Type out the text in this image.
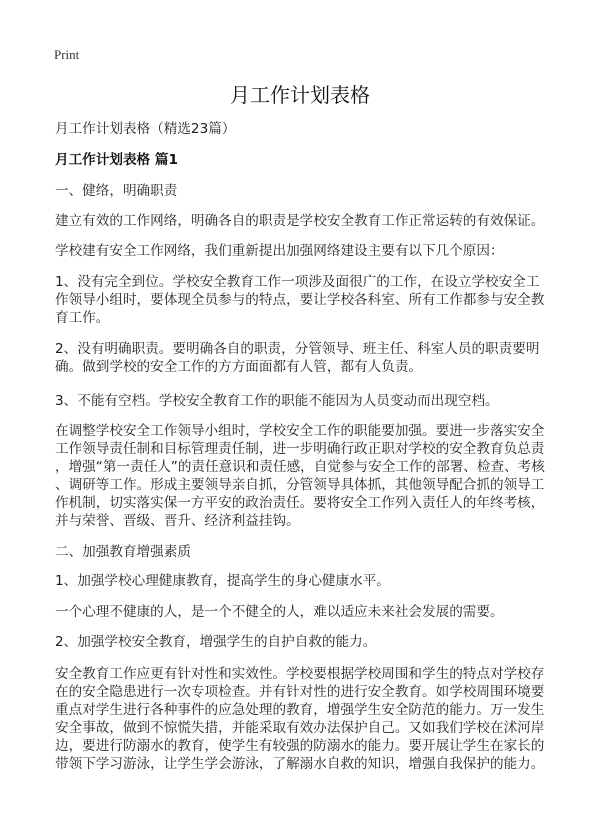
Print
月工作计划表格
月工作计划表格（精选23篇）
月工作计划表格 篇1
一、健络，明确职责
建立有效的工作网络，明确各自的职责是学校安全教育工作正常运转的有效保证。
学校建有安全工作网络，我们重新提出加强网络建设主要有以下几个原因：
1、没有完全到位。学校安全教育工作一项涉及面很广的工作，在设立学校安全工
作领导小组时，要体现全员参与的特点，要让学校各科室、所有工作都参与安全教
育工作。
2、没有明确职责。要明确各自的职责，分管领导、班主任、科室人员的职责要明
确。做到学校的安全工作的方方面面都有人管，都有人负责。
3、不能有空档。学校安全教育工作的职能不能因为人员变动而出现空档。
在调整学校安全工作领导小组时，学校安全工作的职能要加强。要进一步落实安全
工作领导责任制和目标管理责任制，进一步明确行政正职对学校的安全教育负总责
，增强“第一责任人”的责任意识和责任感，自觉参与安全工作的部署、检查、考核
、调研等工作。形成主要领导亲自抓，分管领导具体抓，其他领导配合抓的领导工
作机制，切实落实保一方平安的政治责任。要将安全工作列入责任人的年终考核，
并与荣誉、晋级、晋升、经济利益挂钩。
二、加强教育增强素质
1、加强学校心理健康教育，提高学生的身心健康水平。
一个心理不健康的人，是一个不健全的人，难以适应未来社会发展的需要。
2、加强学校安全教育，增强学生的自护自救的能力。
安全教育工作应更有针对性和实效性。学校要根据学校周围和学生的特点对学校存
在的安全隐患进行一次专项检查。并有针对性的进行安全教育。如学校周围环境要
重点对学生进行各种事件的应急处理的教育，增强学生安全防范的能力。万一发生
安全事故，做到不惊慌失措，并能采取有效办法保护自己。又如我们学校在沭河岸
边，要进行防溺水的教育，使学生有较强的防溺水的能力。要开展让学生在家长的
带领下学习游泳，让学生学会游泳，了解溺水自救的知识，增强自我保护的能力。
